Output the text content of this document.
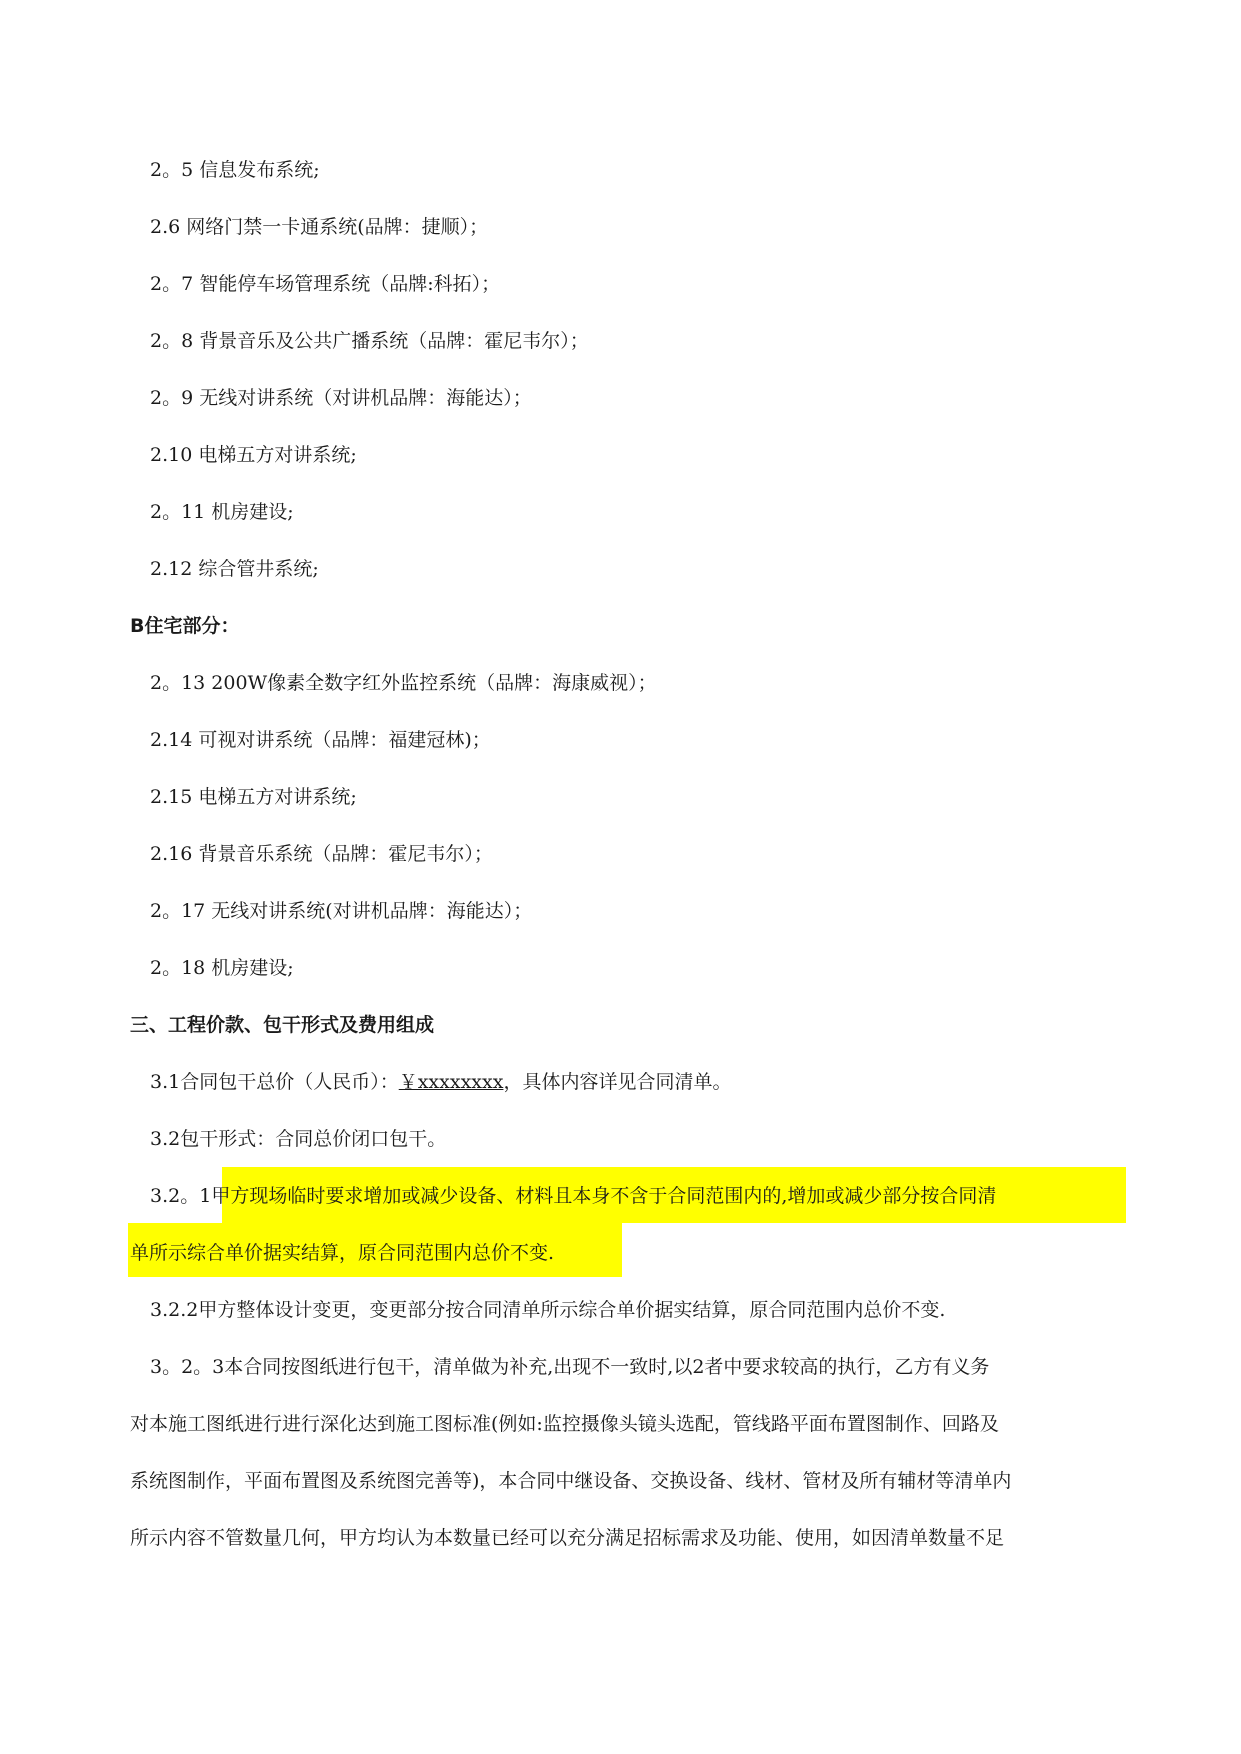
2。5 信息发布系统;
2.6 网络门禁一卡通系统(品牌：捷顺）；
2。7 智能停车场管理系统（品牌:科拓）；
2。8 背景音乐及公共广播系统（品牌：霍尼韦尔）；
2。9 无线对讲系统（对讲机品牌：海能达）；
2.10 电梯五方对讲系统;
2。11 机房建设;
2.12 综合管井系统;
B住宅部分：
2。13 200W像素全数字红外监控系统（品牌：海康威视）；
2.14 可视对讲系统（品牌：福建冠林)；
2.15 电梯五方对讲系统;
2.16 背景音乐系统（品牌：霍尼韦尔）；
2。17 无线对讲系统(对讲机品牌：海能达）；
2。18 机房建设;
三、工程价款、包干形式及费用组成
3.1合同包干总价（人民币）：￥xxxxxxxx，具体内容详见合同清单。
3.2包干形式：合同总价闭口包干。
3.2。1甲方现场临时要求增加或减少设备、材料且本身不含于合同范围内的,增加或减少部分按合同清
单所示综合单价据实结算，原合同范围内总价不变.
3.2.2甲方整体设计变更，变更部分按合同清单所示综合单价据实结算，原合同范围内总价不变.
3。2。3本合同按图纸进行包干，清单做为补充,出现不一致时,以2者中要求较高的执行，乙方有义务
对本施工图纸进行进行深化达到施工图标准(例如:监控摄像头镜头选配，管线路平面布置图制作、回路及
系统图制作，平面布置图及系统图完善等)，本合同中继设备、交换设备、线材、管材及所有辅材等清单内
所示内容不管数量几何，甲方均认为本数量已经可以充分满足招标需求及功能、使用，如因清单数量不足
